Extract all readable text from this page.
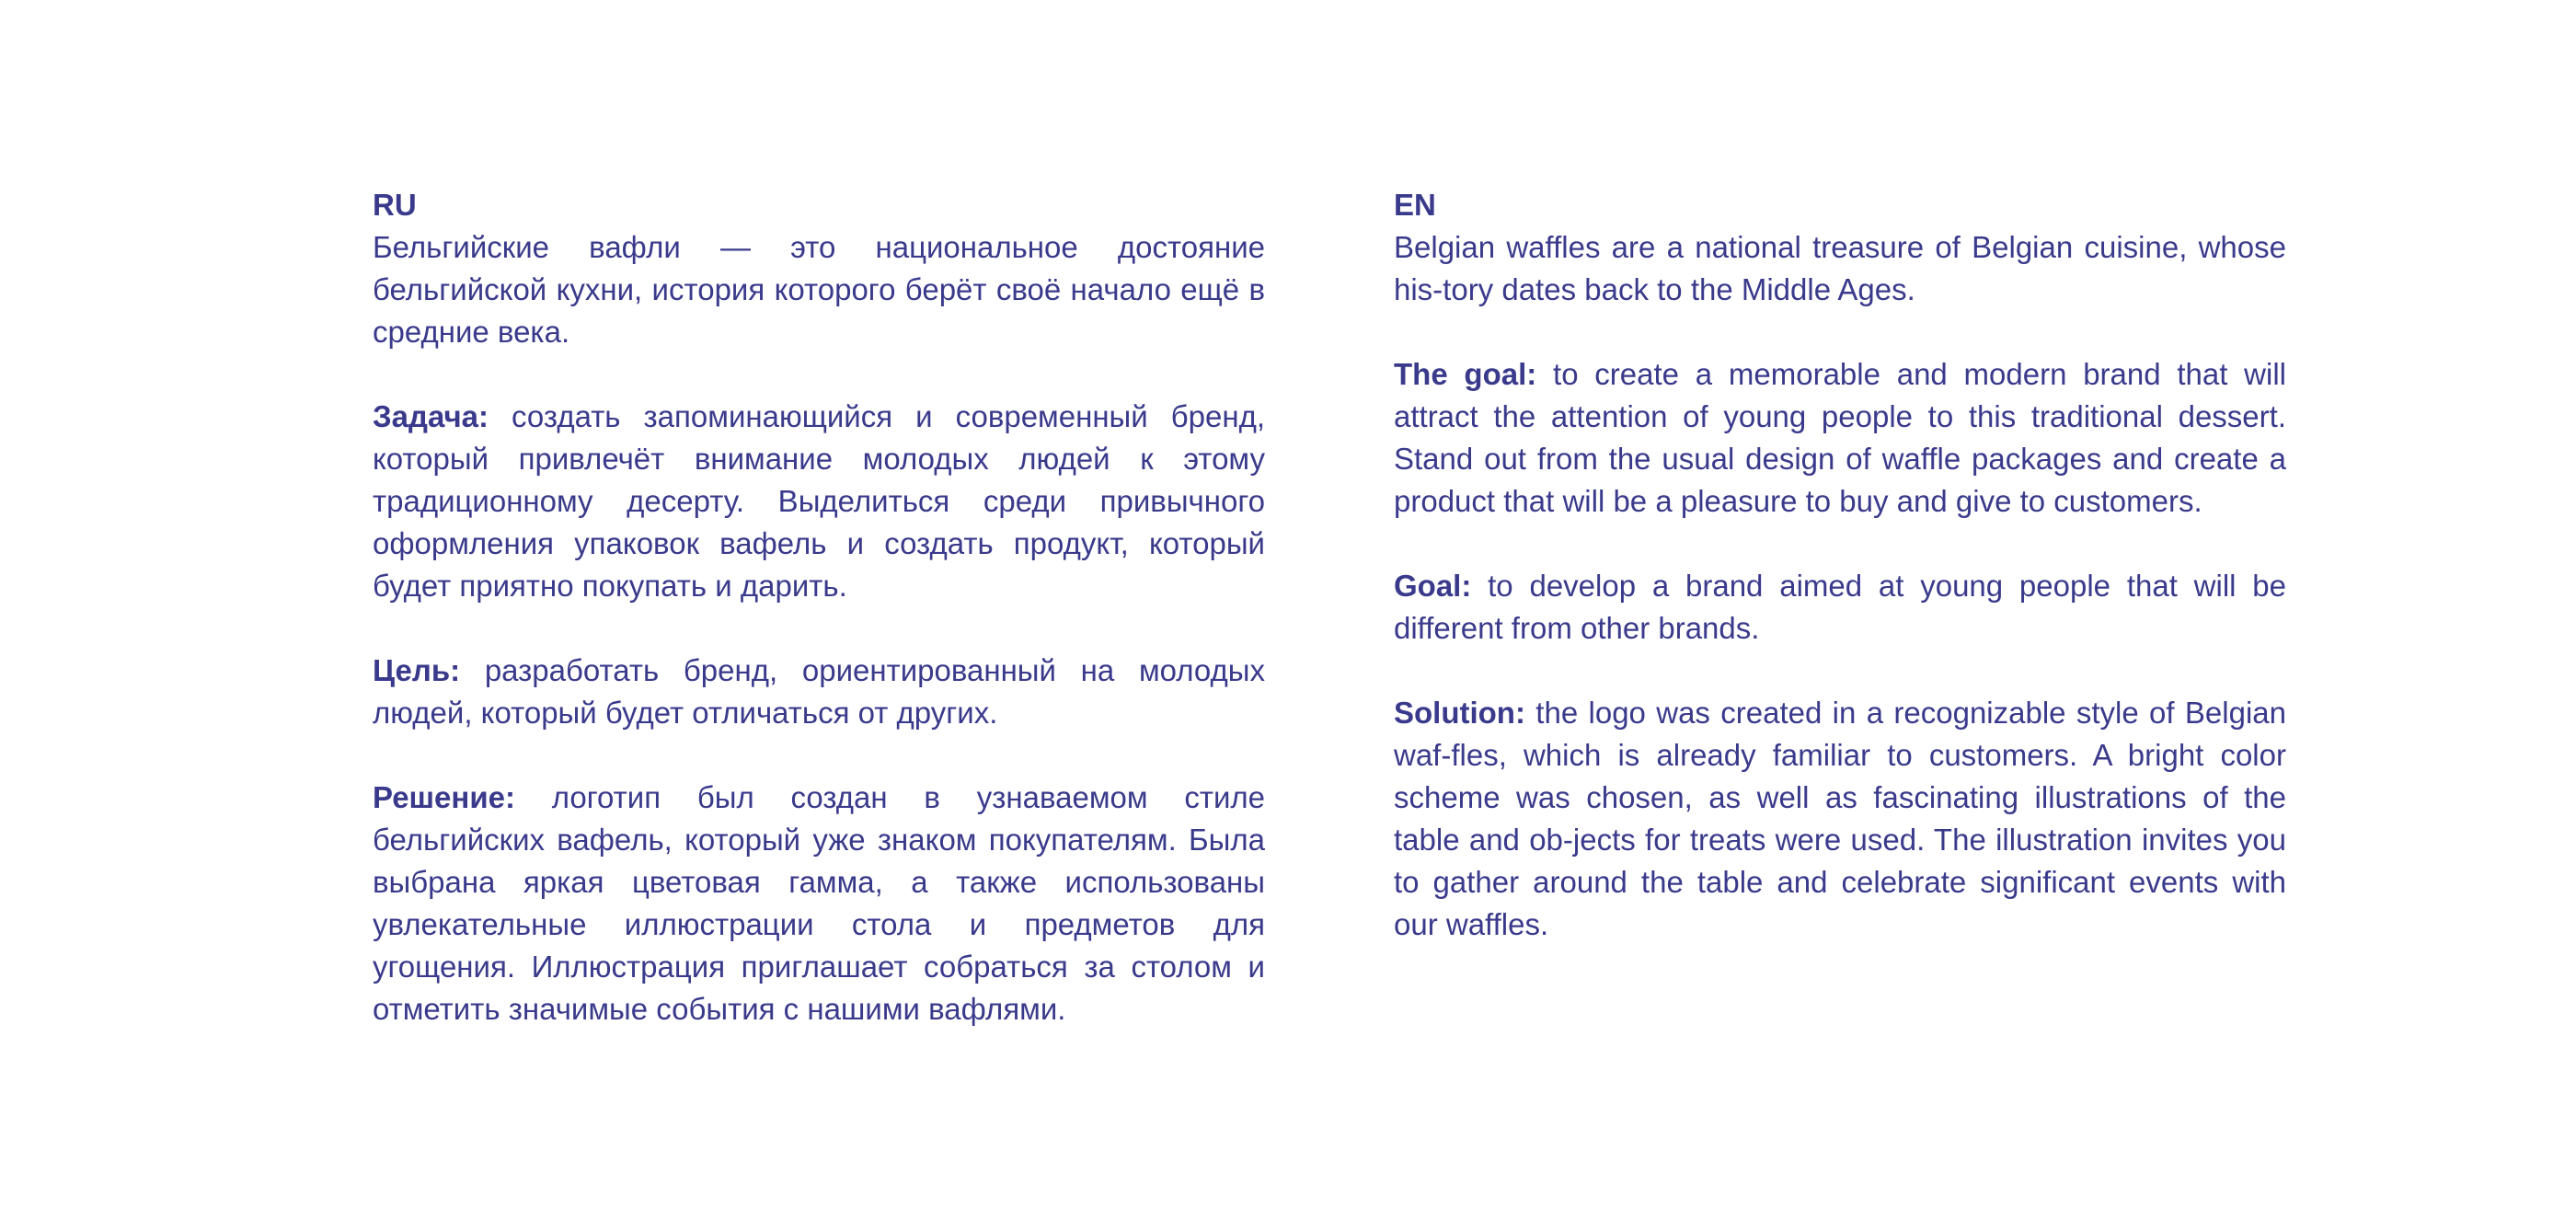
RU

Бельгийские вафли — это национальное достояние бельгийской кухни, история которого берёт своё начало ещё в средние века.

Задача: создать запоминающийся и современный бренд, который привлечёт внимание молодых людей к этому традиционному десерту. Выделиться среди привычного оформления упаковок вафель и создать продукт, который будет приятно покупать и дарить.

Цель: разработать бренд, ориентированный на молодых людей, который будет отличаться от других.

Решение: логотип был создан в узнаваемом стиле бельгийских вафель, который уже знаком покупателям. Была выбрана яркая цветовая гамма, а также использованы увлекательные иллюстрации стола и предметов для угощения. Иллюстрация приглашает собраться за столом и отметить значимые события с нашими вафлями.

EN

Belgian waffles are a national treasure of Belgian cuisine, whose his-tory dates back to the Middle Ages.

The goal: to create a memorable and modern brand that will attract the attention of young people to this traditional dessert. Stand out from the usual design of waffle packages and create a product that will be a pleasure to buy and give to customers.

Goal: to develop a brand aimed at young people that will be different from other brands.

Solution: the logo was created in a recognizable style of Belgian waf-fles, which is already familiar to customers. A bright color scheme was chosen, as well as fascinating illustrations of the table and ob-jects for treats were used. The illustration invites you to gather around the table and celebrate significant events with our waffles.
